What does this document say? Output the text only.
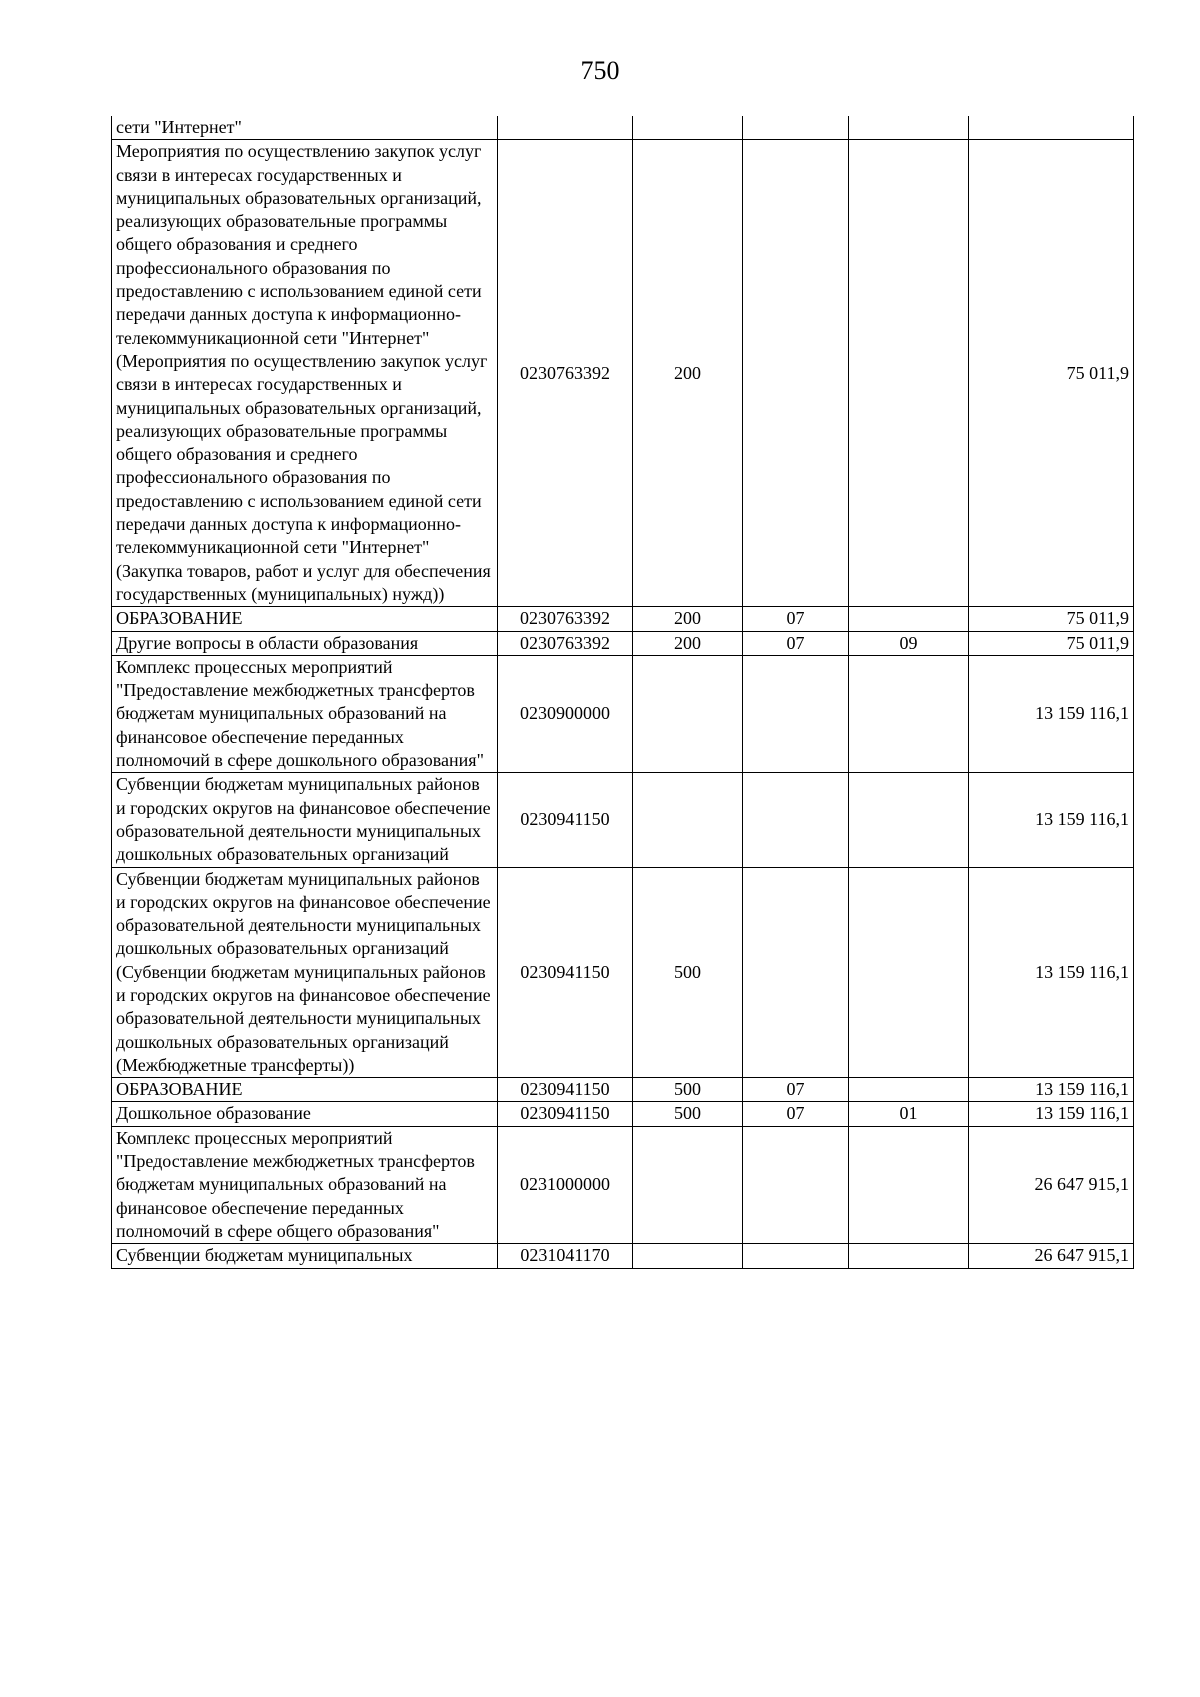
750
сети "Интернет"					
Мероприятия по осуществлению закупок услуг связи в интересах государственных и муниципальных образовательных организаций, реализующих образовательные программы общего образования и среднего профессионального образования по предоставлению с использованием единой сети передачи данных доступа к информационно-телекоммуникационной сети "Интернет" (Мероприятия по осуществлению закупок услуг связи в интересах государственных и муниципальных образовательных организаций, реализующих образовательные программы общего образования и среднего профессионального образования по предоставлению с использованием единой сети передачи данных доступа к информационно-телекоммуникационной сети "Интернет" (Закупка товаров, работ и услуг для обеспечения государственных (муниципальных) нужд))	0230763392	200			75 011,9
ОБРАЗОВАНИЕ	0230763392	200	07		75 011,9
Другие вопросы в области образования	0230763392	200	07	09	75 011,9
Комплекс процессных мероприятий "Предоставление межбюджетных трансфертов бюджетам муниципальных образований на финансовое обеспечение переданных полномочий в сфере дошкольного образования"	0230900000				13 159 116,1
Субвенции бюджетам муниципальных районов и городских округов на финансовое обеспечение образовательной деятельности муниципальных дошкольных образовательных организаций	0230941150				13 159 116,1
Субвенции бюджетам муниципальных районов и городских округов на финансовое обеспечение образовательной деятельности муниципальных дошкольных образовательных организаций (Субвенции бюджетам муниципальных районов и городских округов на финансовое обеспечение образовательной деятельности муниципальных дошкольных образовательных организаций (Межбюджетные трансферты))	0230941150	500			13 159 116,1
ОБРАЗОВАНИЕ	0230941150	500	07		13 159 116,1
Дошкольное образование	0230941150	500	07	01	13 159 116,1
Комплекс процессных мероприятий "Предоставление межбюджетных трансфертов бюджетам муниципальных образований на финансовое обеспечение переданных полномочий в сфере общего образования"	0231000000				26 647 915,1
Субвенции бюджетам муниципальных	0231041170				26 647 915,1
